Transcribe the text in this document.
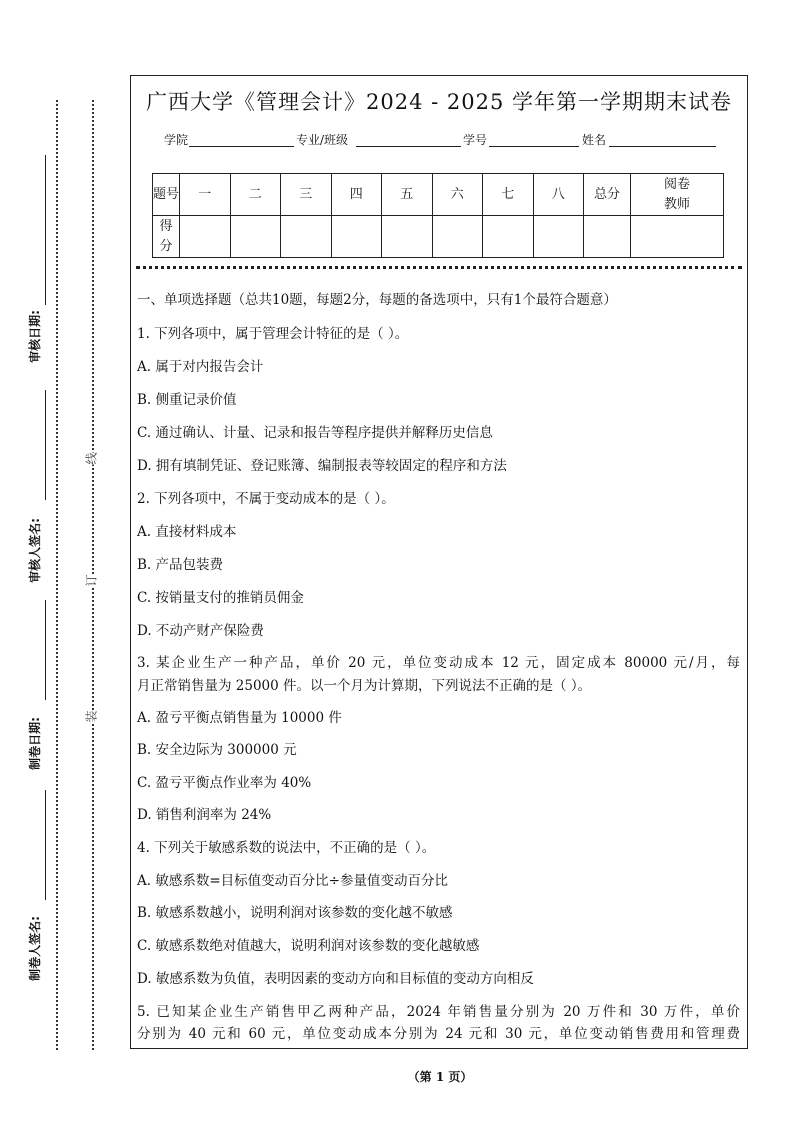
审核日期:
审核人签名:
制卷日期:
制卷人签名:
线
订
装
广西大学《管理会计》2024 - 2025 学年第一学期期末试卷
学院	专业/班级	学号	姓名
题号	一	二	三	四	五	六	七	八	总分	阅卷教师
得分										
一、单项选择题（总共10题，每题2分，每题的备选项中，只有1个最符合题意）
1. 下列各项中，属于管理会计特征的是（ ）。
A. 属于对内报告会计
B. 侧重记录价值
C. 通过确认、计量、记录和报告等程序提供并解释历史信息
D. 拥有填制凭证、登记账簿、编制报表等较固定的程序和方法
2. 下列各项中，不属于变动成本的是（ ）。
A. 直接材料成本
B. 产品包装费
C. 按销量支付的推销员佣金
D. 不动产财产保险费
3. 某企业生产一种产品，单价 20 元，单位变动成本 12 元，固定成本 80000 元/月，每
月正常销售量为 25000 件。以一个月为计算期，下列说法不正确的是（ ）。
A. 盈亏平衡点销售量为 10000 件
B. 安全边际为 300000 元
C. 盈亏平衡点作业率为 40%
D. 销售利润率为 24%
4. 下列关于敏感系数的说法中，不正确的是（ ）。
A. 敏感系数=目标值变动百分比÷参量值变动百分比
B. 敏感系数越小，说明利润对该参数的变化越不敏感
C. 敏感系数绝对值越大，说明利润对该参数的变化越敏感
D. 敏感系数为负值，表明因素的变动方向和目标值的变动方向相反
5. 已知某企业生产销售甲乙两种产品，2024 年销售量分别为 20 万件和 30 万件，单价
分别为 40 元和 60 元，单位变动成本分别为 24 元和 30 元，单位变动销售费用和管理费
（第 1 页）
